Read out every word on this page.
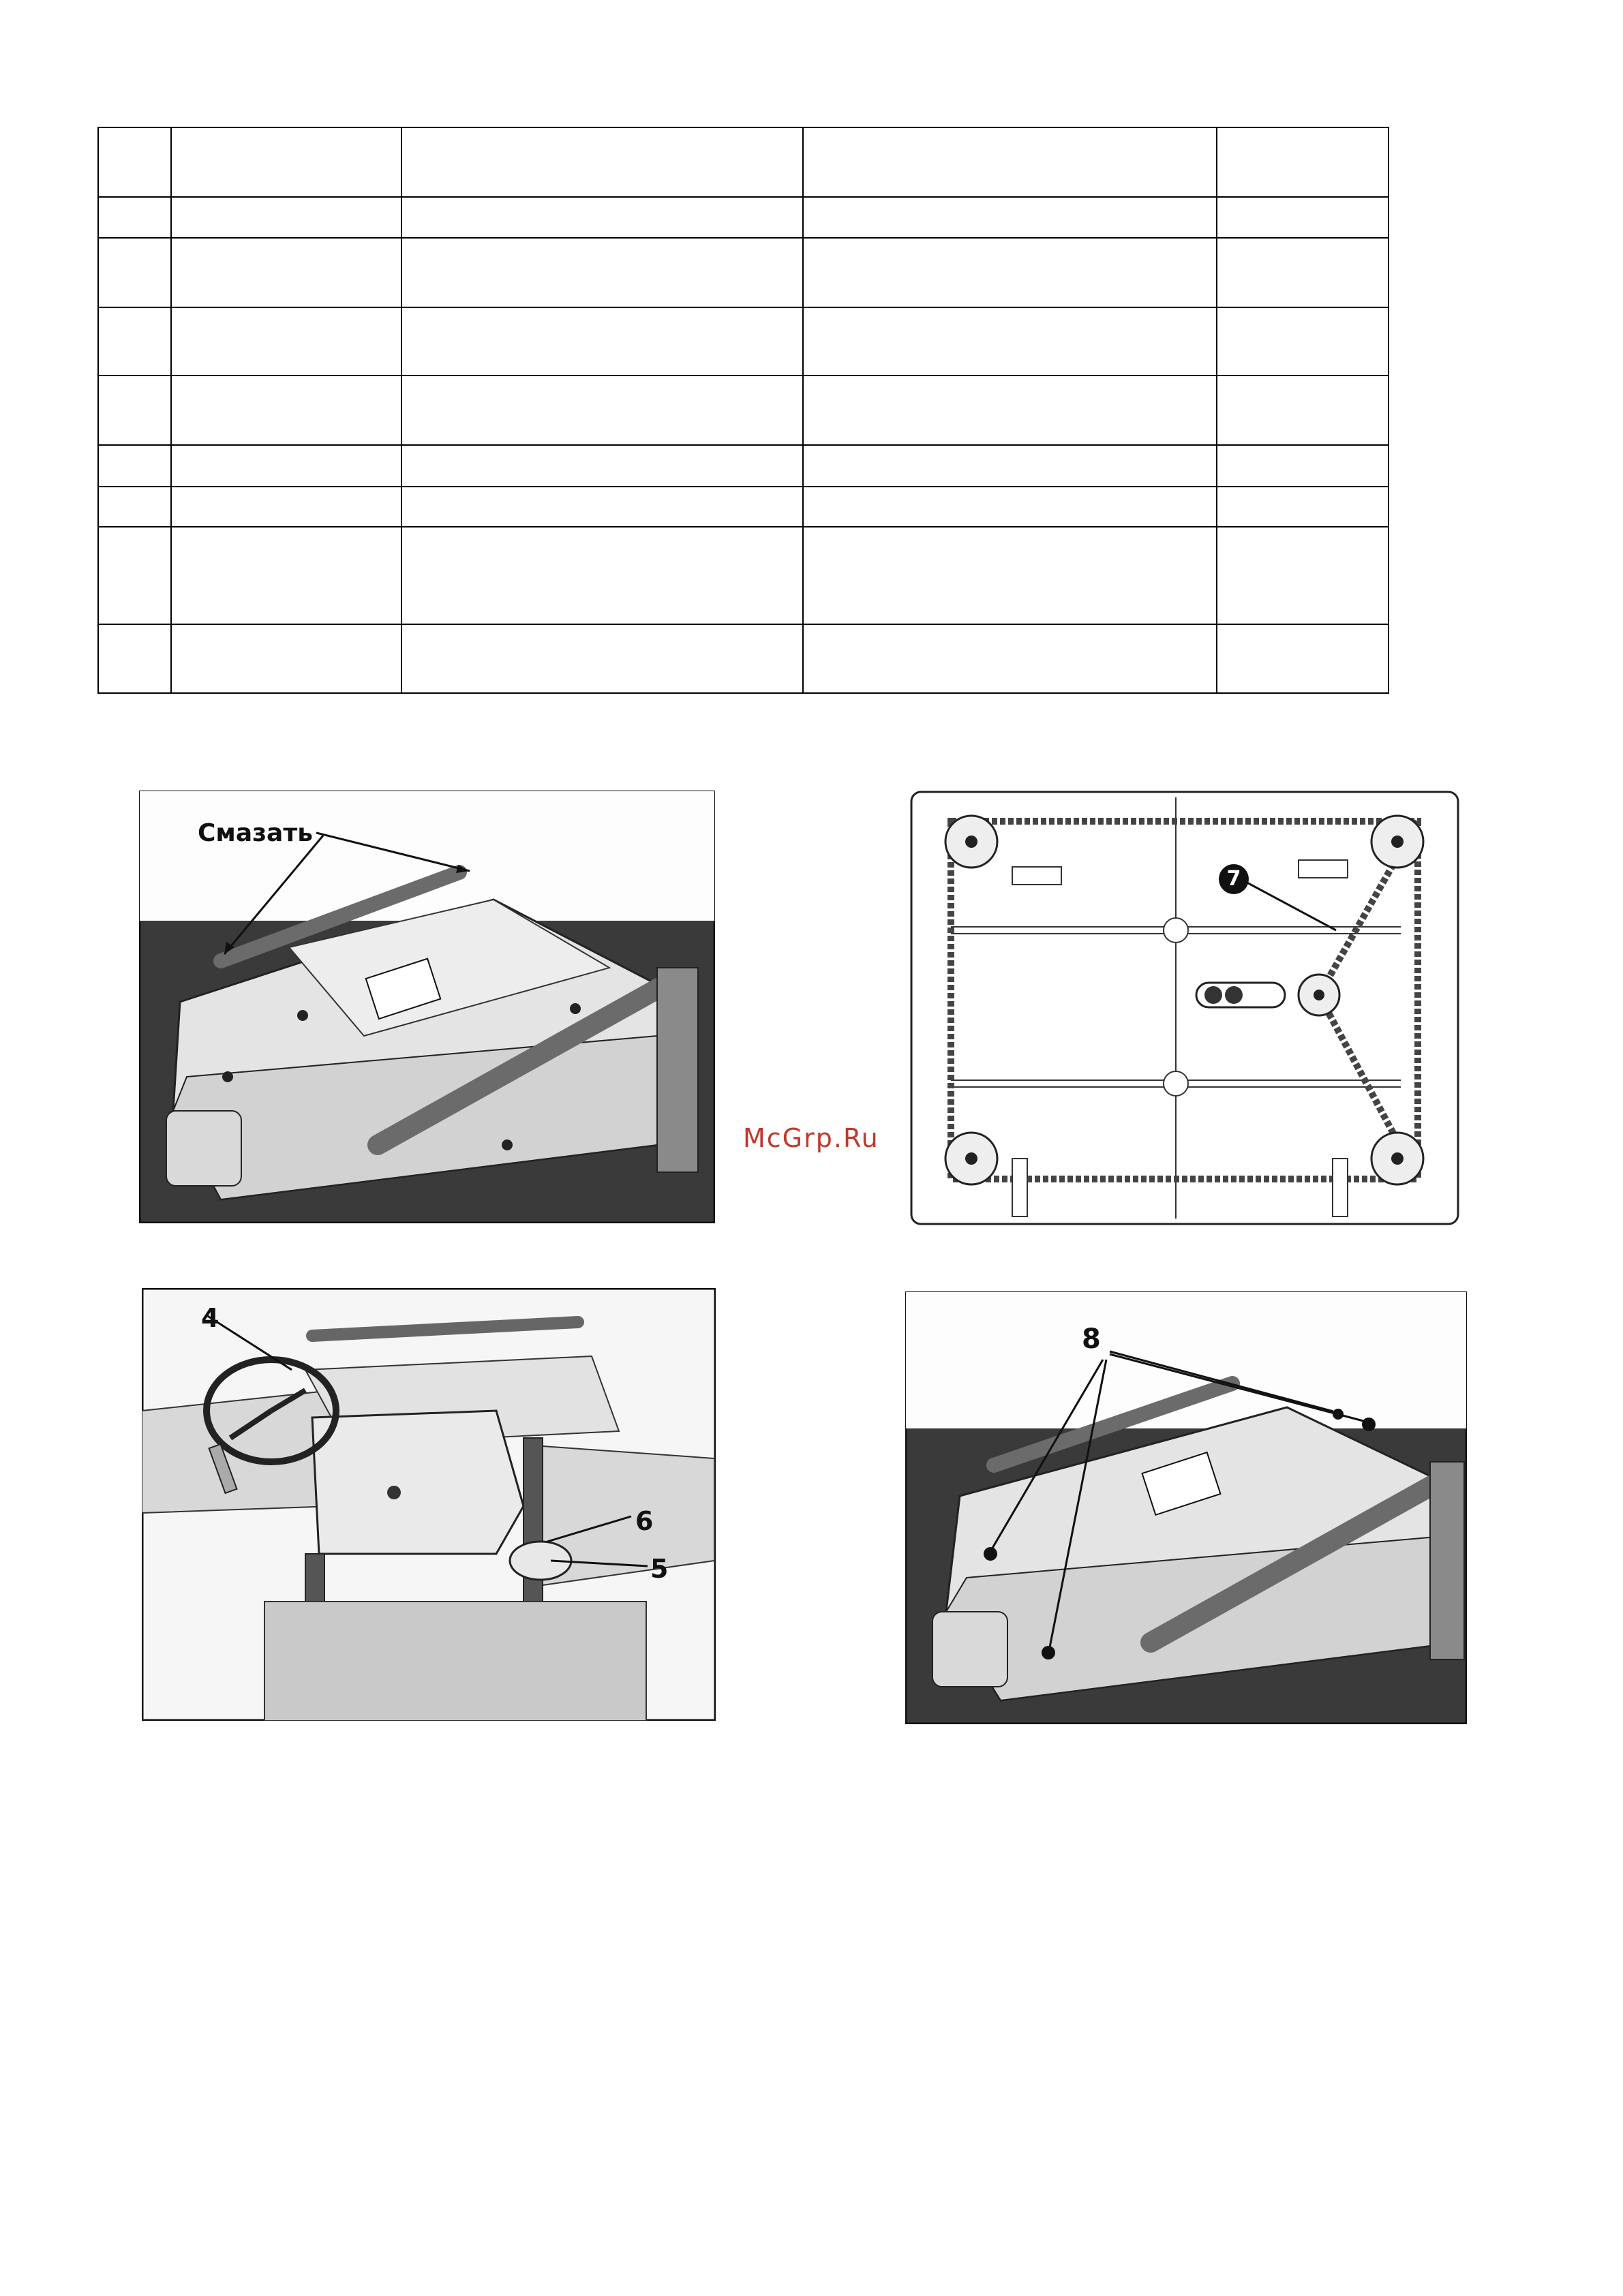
Смазать
7
McGrp.Ru
4
6
5
8
